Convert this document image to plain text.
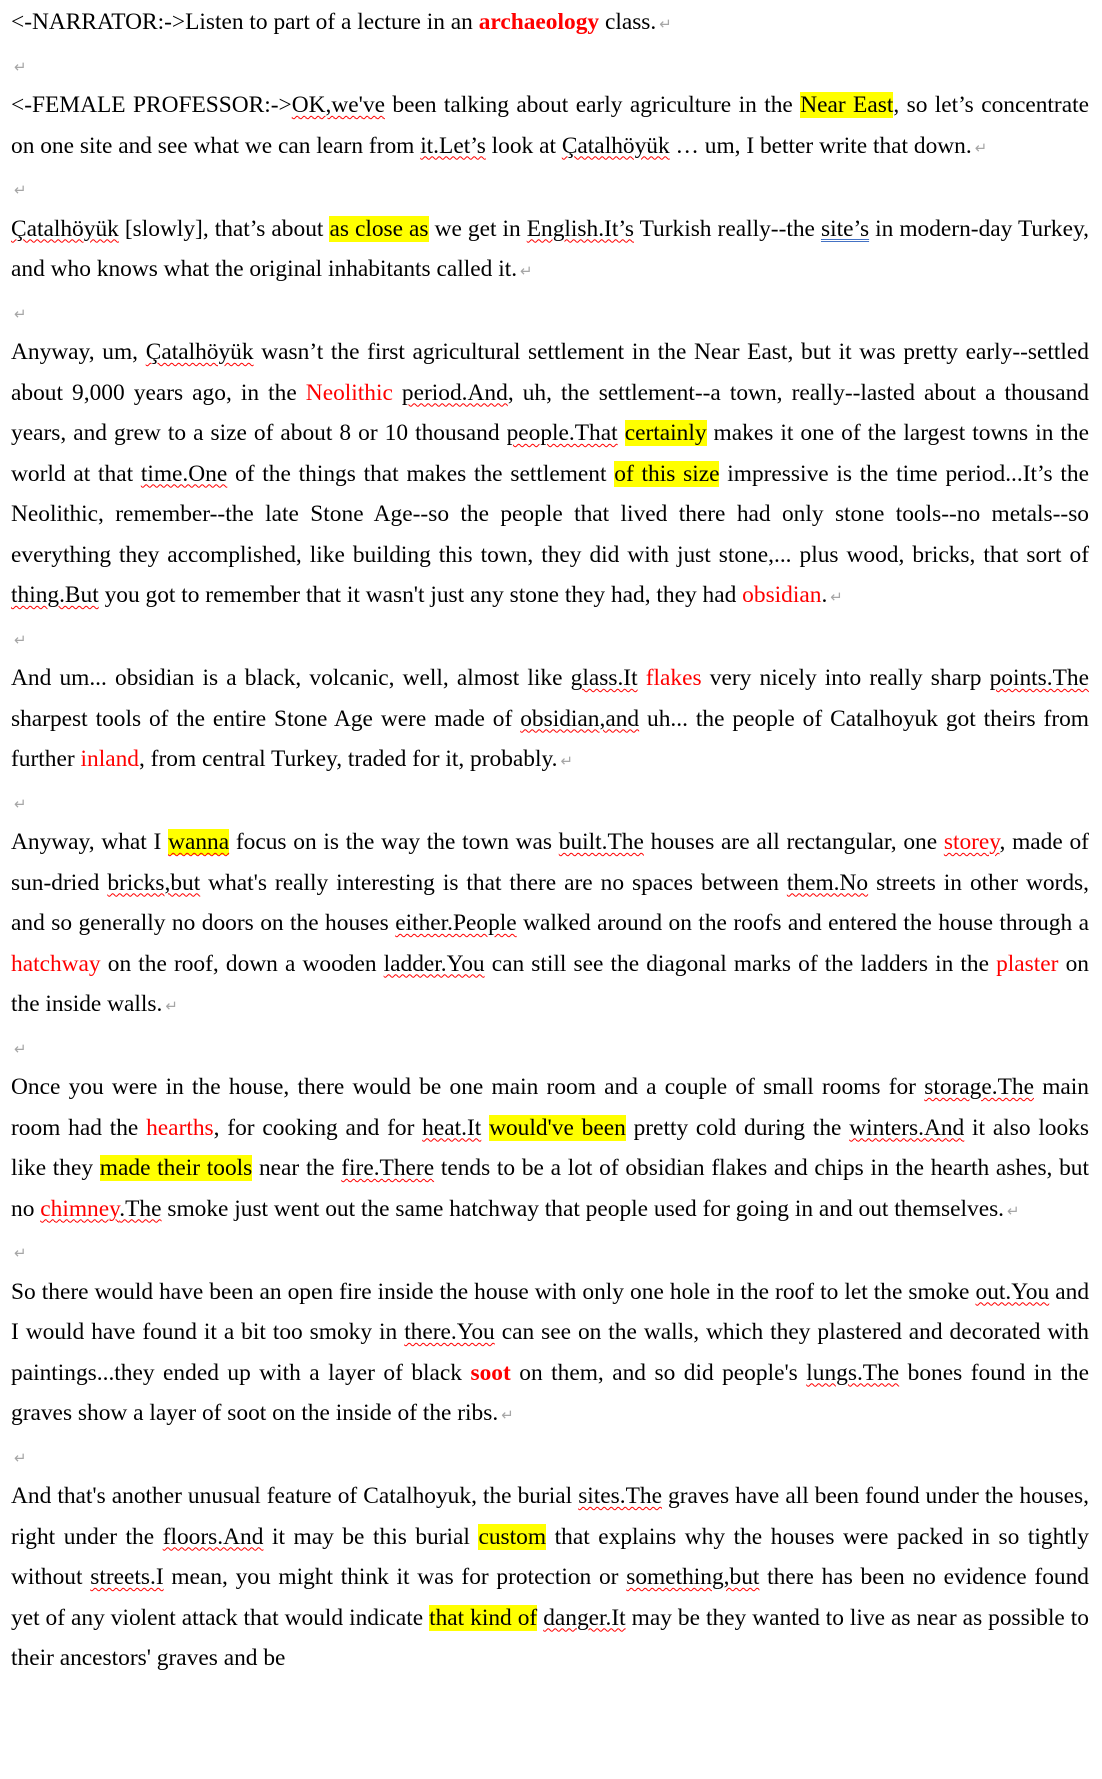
<-NARRATOR:->Listen to part of a lecture in an archaeology class. ↵

↵

<-FEMALE PROFESSOR:->OK,we've been talking about early agriculture in the Near East, so let’s concentrate on one site and see what we can learn from it.Let’s look at Çatalhöyük … um, I better write that down. ↵

↵

Çatalhöyük [slowly], that’s about as close as we get in English.It’s Turkish really--the site’s in modern-day Turkey, and who knows what the original inhabitants called it. ↵

↵

Anyway, um, Çatalhöyük wasn’t the first agricultural settlement in the Near East, but it was pretty early--settled about 9,000 years ago, in the Neolithic period.And, uh, the settlement--a town, really--lasted about a thousand years, and grew to a size of about 8 or 10 thousand people.That certainly makes it one of the largest towns in the world at that time.One of the things that makes the settlement of this size impressive is the time period...It’s the Neolithic, remember--the late Stone Age--so the people that lived there had only stone tools--no metals--so everything they accomplished, like building this town, they did with just stone,... plus wood, bricks, that sort of thing.But you got to remember that it wasn't just any stone they had, they had obsidian. ↵

↵

And um... obsidian is a black, volcanic, well, almost like glass.It flakes very nicely into really sharp points.The sharpest tools of the entire Stone Age were made of obsidian,and uh... the people of Catalhoyuk got theirs from further inland, from central Turkey, traded for it, probably. ↵

↵

Anyway, what I wanna focus on is the way the town was built.The houses are all rectangular, one storey, made of sun-dried bricks,but what's really interesting is that there are no spaces between them.No streets in other words, and so generally no doors on the houses either.People walked around on the roofs and entered the house through a hatchway on the roof, down a wooden ladder.You can still see the diagonal marks of the ladders in the plaster on the inside walls. ↵

↵

Once you were in the house, there would be one main room and a couple of small rooms for storage.The main room had the hearths, for cooking and for heat.It would've been pretty cold during the winters.And it also looks like they made their tools near the fire.There tends to be a lot of obsidian flakes and chips in the hearth ashes, but no chimney.The smoke just went out the same hatchway that people used for going in and out themselves. ↵

↵

So there would have been an open fire inside the house with only one hole in the roof to let the smoke out.You and I would have found it a bit too smoky in there.You can see on the walls, which they plastered and decorated with paintings...they ended up with a layer of black soot on them, and so did people's lungs.The bones found in the graves show a layer of soot on the inside of the ribs. ↵

↵

And that's another unusual feature of Catalhoyuk, the burial sites.The graves have all been found under the houses, right under the floors.And it may be this burial custom that explains why the houses were packed in so tightly without streets.I mean, you might think it was for protection or something,but there has been no evidence found yet of any violent attack that would indicate that kind of danger.It may be they wanted to live as near as possible to their ancestors' graves and be
